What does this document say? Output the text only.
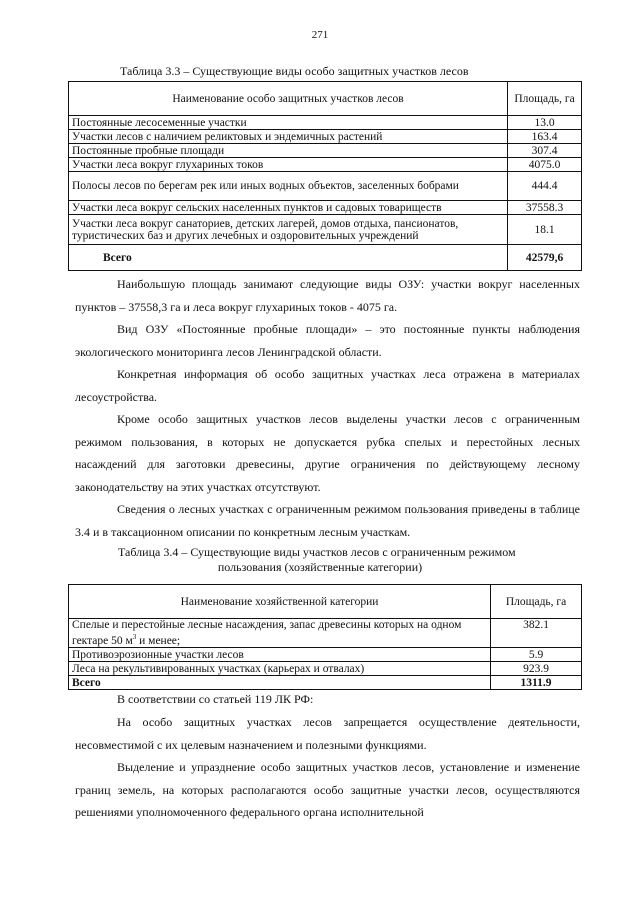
271
Таблица 3.3 – Существующие виды особо защитных участков лесов
Наименование особо защитных участков лесов	Площадь, га
Постоянные лесосеменные участки	13.0
Участки лесов с наличием реликтовых и эндемичных растений	163.4
Постоянные пробные площади	307.4
Участки леса вокруг глухариных токов	4075.0
Полосы лесов по берегам рек или иных водных объектов, заселенных бобрами	444.4
Участки леса вокруг сельских населенных пунктов и садовых товариществ	37558.3
Участки леса вокруг санаториев, детских лагерей, домов отдыха, пансионатов, туристических баз и других лечебных и оздоровительных учреждений	18.1
Всего	42579,6
Наибольшую площадь занимают следующие виды ОЗУ: участки вокруг населенных пунктов – 37558,3 га и леса вокруг глухариных токов - 4075 га.
Вид ОЗУ «Постоянные пробные площади» – это постоянные пункты наблюдения экологического мониторинга лесов Ленинградской области.
Конкретная информация об особо защитных участках леса отражена в материалах лесоустройства.
Кроме особо защитных участков лесов выделены участки лесов с ограниченным режимом пользования, в которых не допускается рубка спелых и перестойных лесных насаждений для заготовки древесины, другие ограничения по действующему лесному законодательству на этих участках отсутствуют.
Сведения о лесных участках с ограниченным режимом пользования приведены в таблице 3.4 и в таксационном описании по конкретным лесным участкам.
Таблица 3.4 – Существующие виды участков лесов с ограниченным режимом
пользования (хозяйственные категории)
Наименование хозяйственной категории	Площадь, га
Спелые и перестойные лесные насаждения, запас древесины которых на одном гектаре 50 $м^3$ и менее;	382.1
Противоэрозионные участки лесов	5.9
Леса на рекультивированных участках (карьерах и отвалах)	923.9
Всего	1311.9
В соответствии со статьей 119 ЛК РФ:
На особо защитных участках лесов запрещается осуществление деятельности, несовместимой с их целевым назначением и полезными функциями.
Выделение и упразднение особо защитных участков лесов, установление и изменение границ земель, на которых располагаются особо защитные участки лесов, осуществляются решениями уполномоченного федерального органа исполнительной
